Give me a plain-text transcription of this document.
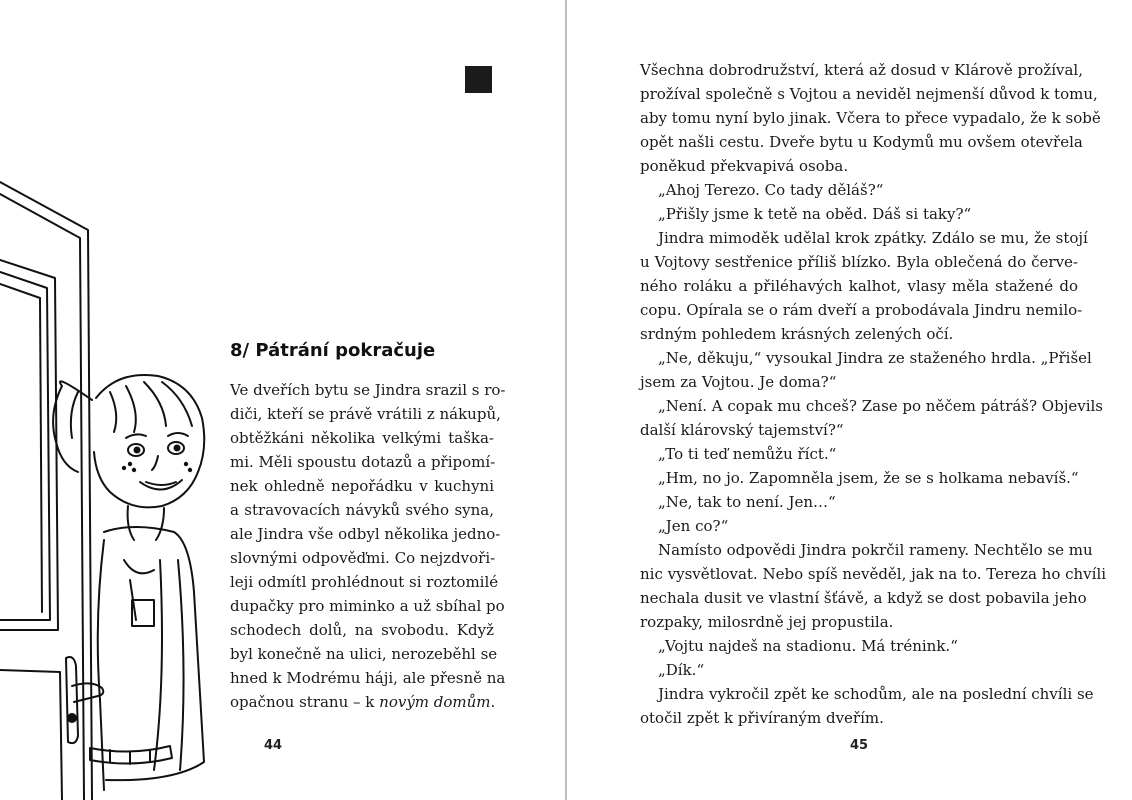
8/ Pátrání pokračuje
Ve dveřích bytu se Jindra srazil s ro-
diči, kteří se právě vrátili z nákupů,
obtěžkáni několika velkými taška-
mi. Měli spoustu dotazů a připomí-
nek ohledně nepořádku v kuchyni
a stravovacích návyků svého syna,
ale Jindra vše odbyl několika jedno-
slovnými odpověďmi. Co nejzdvoři-
leji odmítl prohlédnout si roztomilé
dupačky pro miminko a už sbíhal po
schodech dolů, na svobodu. Když
byl konečně na ulici, nerozeběhl se
hned k Modrému háji, ale přesně na
opačnou stranu – k novým domům.
44
Všechna dobrodružství, která až dosud v Klárově prožíval,
prožíval společně s Vojtou a neviděl nejmenší důvod k tomu,
aby tomu nyní bylo jinak. Včera to přece vypadalo, že k sobě
opět našli cestu. Dveře bytu u Kodymů mu ovšem otevřela
poněkud překvapivá osoba.
„Ahoj Terezo. Co tady děláš?“
„Přišly jsme k tetě na oběd. Dáš si taky?“
Jindra mimoděk udělal krok zpátky. Zdálo se mu, že stojí
u Vojtovy sestřenice příliš blízko. Byla oblečená do červe-
ného roláku a přiléhavých kalhot, vlasy měla stažené do
copu. Opírala se o rám dveří a probodávala Jindru nemilo-
srdným pohledem krásných zelených očí.
„Ne, děkuju,“ vysoukal Jindra ze staženého hrdla. „Přišel
jsem za Vojtou. Je doma?“
„Není. A copak mu chceš? Zase po něčem pátráš? Objevils
další klárovský tajemství?“
„To ti teď nemůžu říct.“
„Hm, no jo. Zapomněla jsem, že se s holkama nebavíš.“
„Ne, tak to není. Jen…“
„Jen co?“
Namísto odpovědi Jindra pokrčil rameny. Nechtělo se mu
nic vysvětlovat. Nebo spíš nevěděl, jak na to. Tereza ho chvíli
nechala dusit ve vlastní šťávě, a když se dost pobavila jeho
rozpaky, milosrdně jej propustila.
„Vojtu najdeš na stadionu. Má trénink.“
„Dík.“
Jindra vykročil zpět ke schodům, ale na poslední chvíli se
otočil zpět k přivíraným dveřím.
45
